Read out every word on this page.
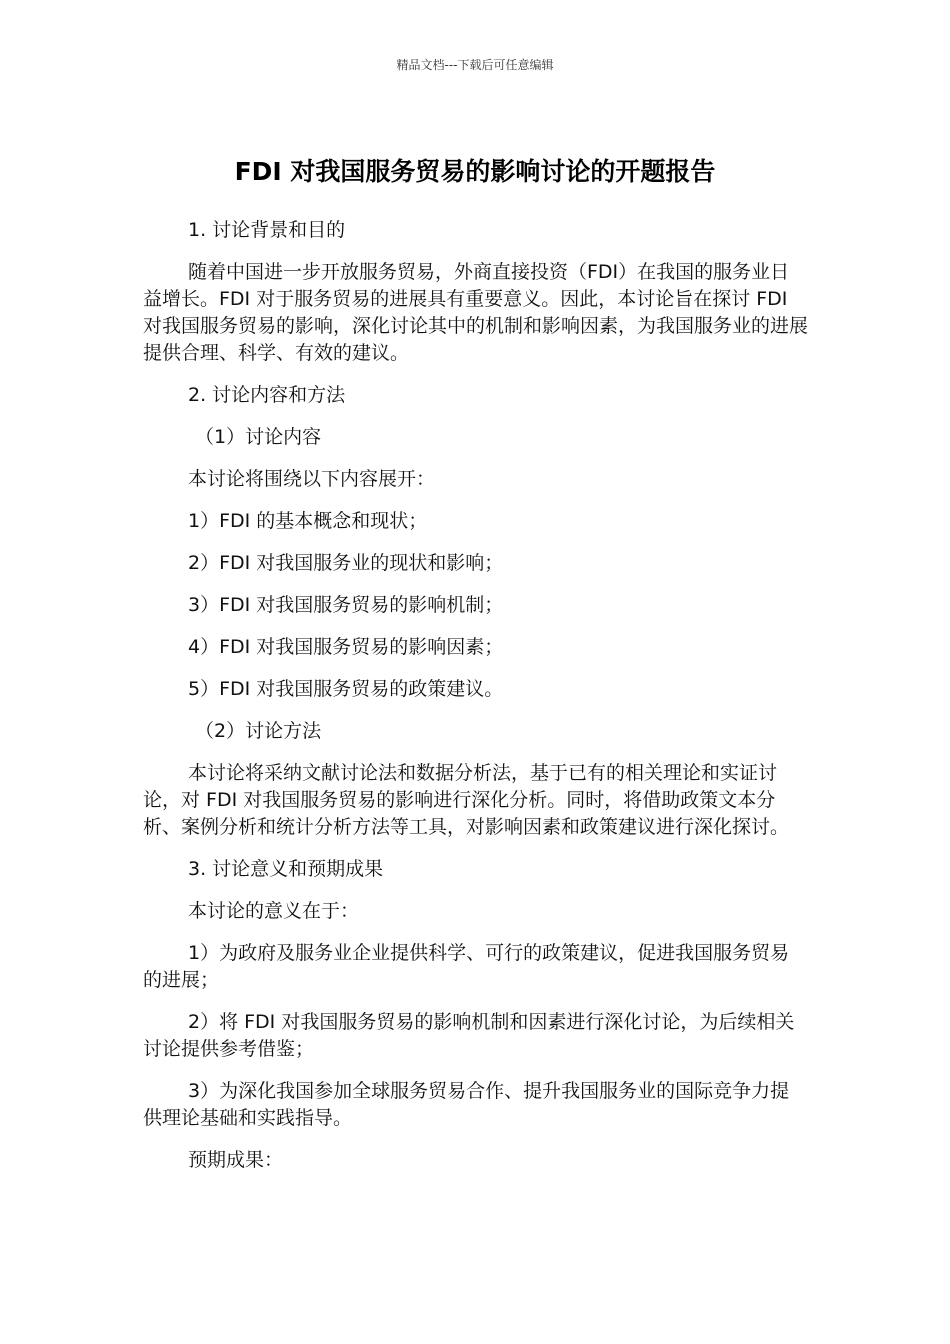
精品文档---下载后可任意编辑
FDI 对我国服务贸易的影响讨论的开题报告

1. 讨论背景和目的

随着中国进一步开放服务贸易，外商直接投资（FDI）在我国的服务业日益增长。FDI 对于服务贸易的进展具有重要意义。因此，本讨论旨在探讨 FDI 对我国服务贸易的影响，深化讨论其中的机制和影响因素，为我国服务业的进展提供合理、科学、有效的建议。

2. 讨论内容和方法

（1）讨论内容

本讨论将围绕以下内容展开：

1）FDI 的基本概念和现状；

2）FDI 对我国服务业的现状和影响；

3）FDI 对我国服务贸易的影响机制；

4）FDI 对我国服务贸易的影响因素；

5）FDI 对我国服务贸易的政策建议。

（2）讨论方法

本讨论将采纳文献讨论法和数据分析法，基于已有的相关理论和实证讨论，对 FDI 对我国服务贸易的影响进行深化分析。同时，将借助政策文本分析、案例分析和统计分析方法等工具，对影响因素和政策建议进行深化探讨。

3. 讨论意义和预期成果

本讨论的意义在于：

1）为政府及服务业企业提供科学、可行的政策建议，促进我国服务贸易的进展；

2）将 FDI 对我国服务贸易的影响机制和因素进行深化讨论，为后续相关讨论提供参考借鉴；

3）为深化我国参加全球服务贸易合作、提升我国服务业的国际竞争力提供理论基础和实践指导。

预期成果：
